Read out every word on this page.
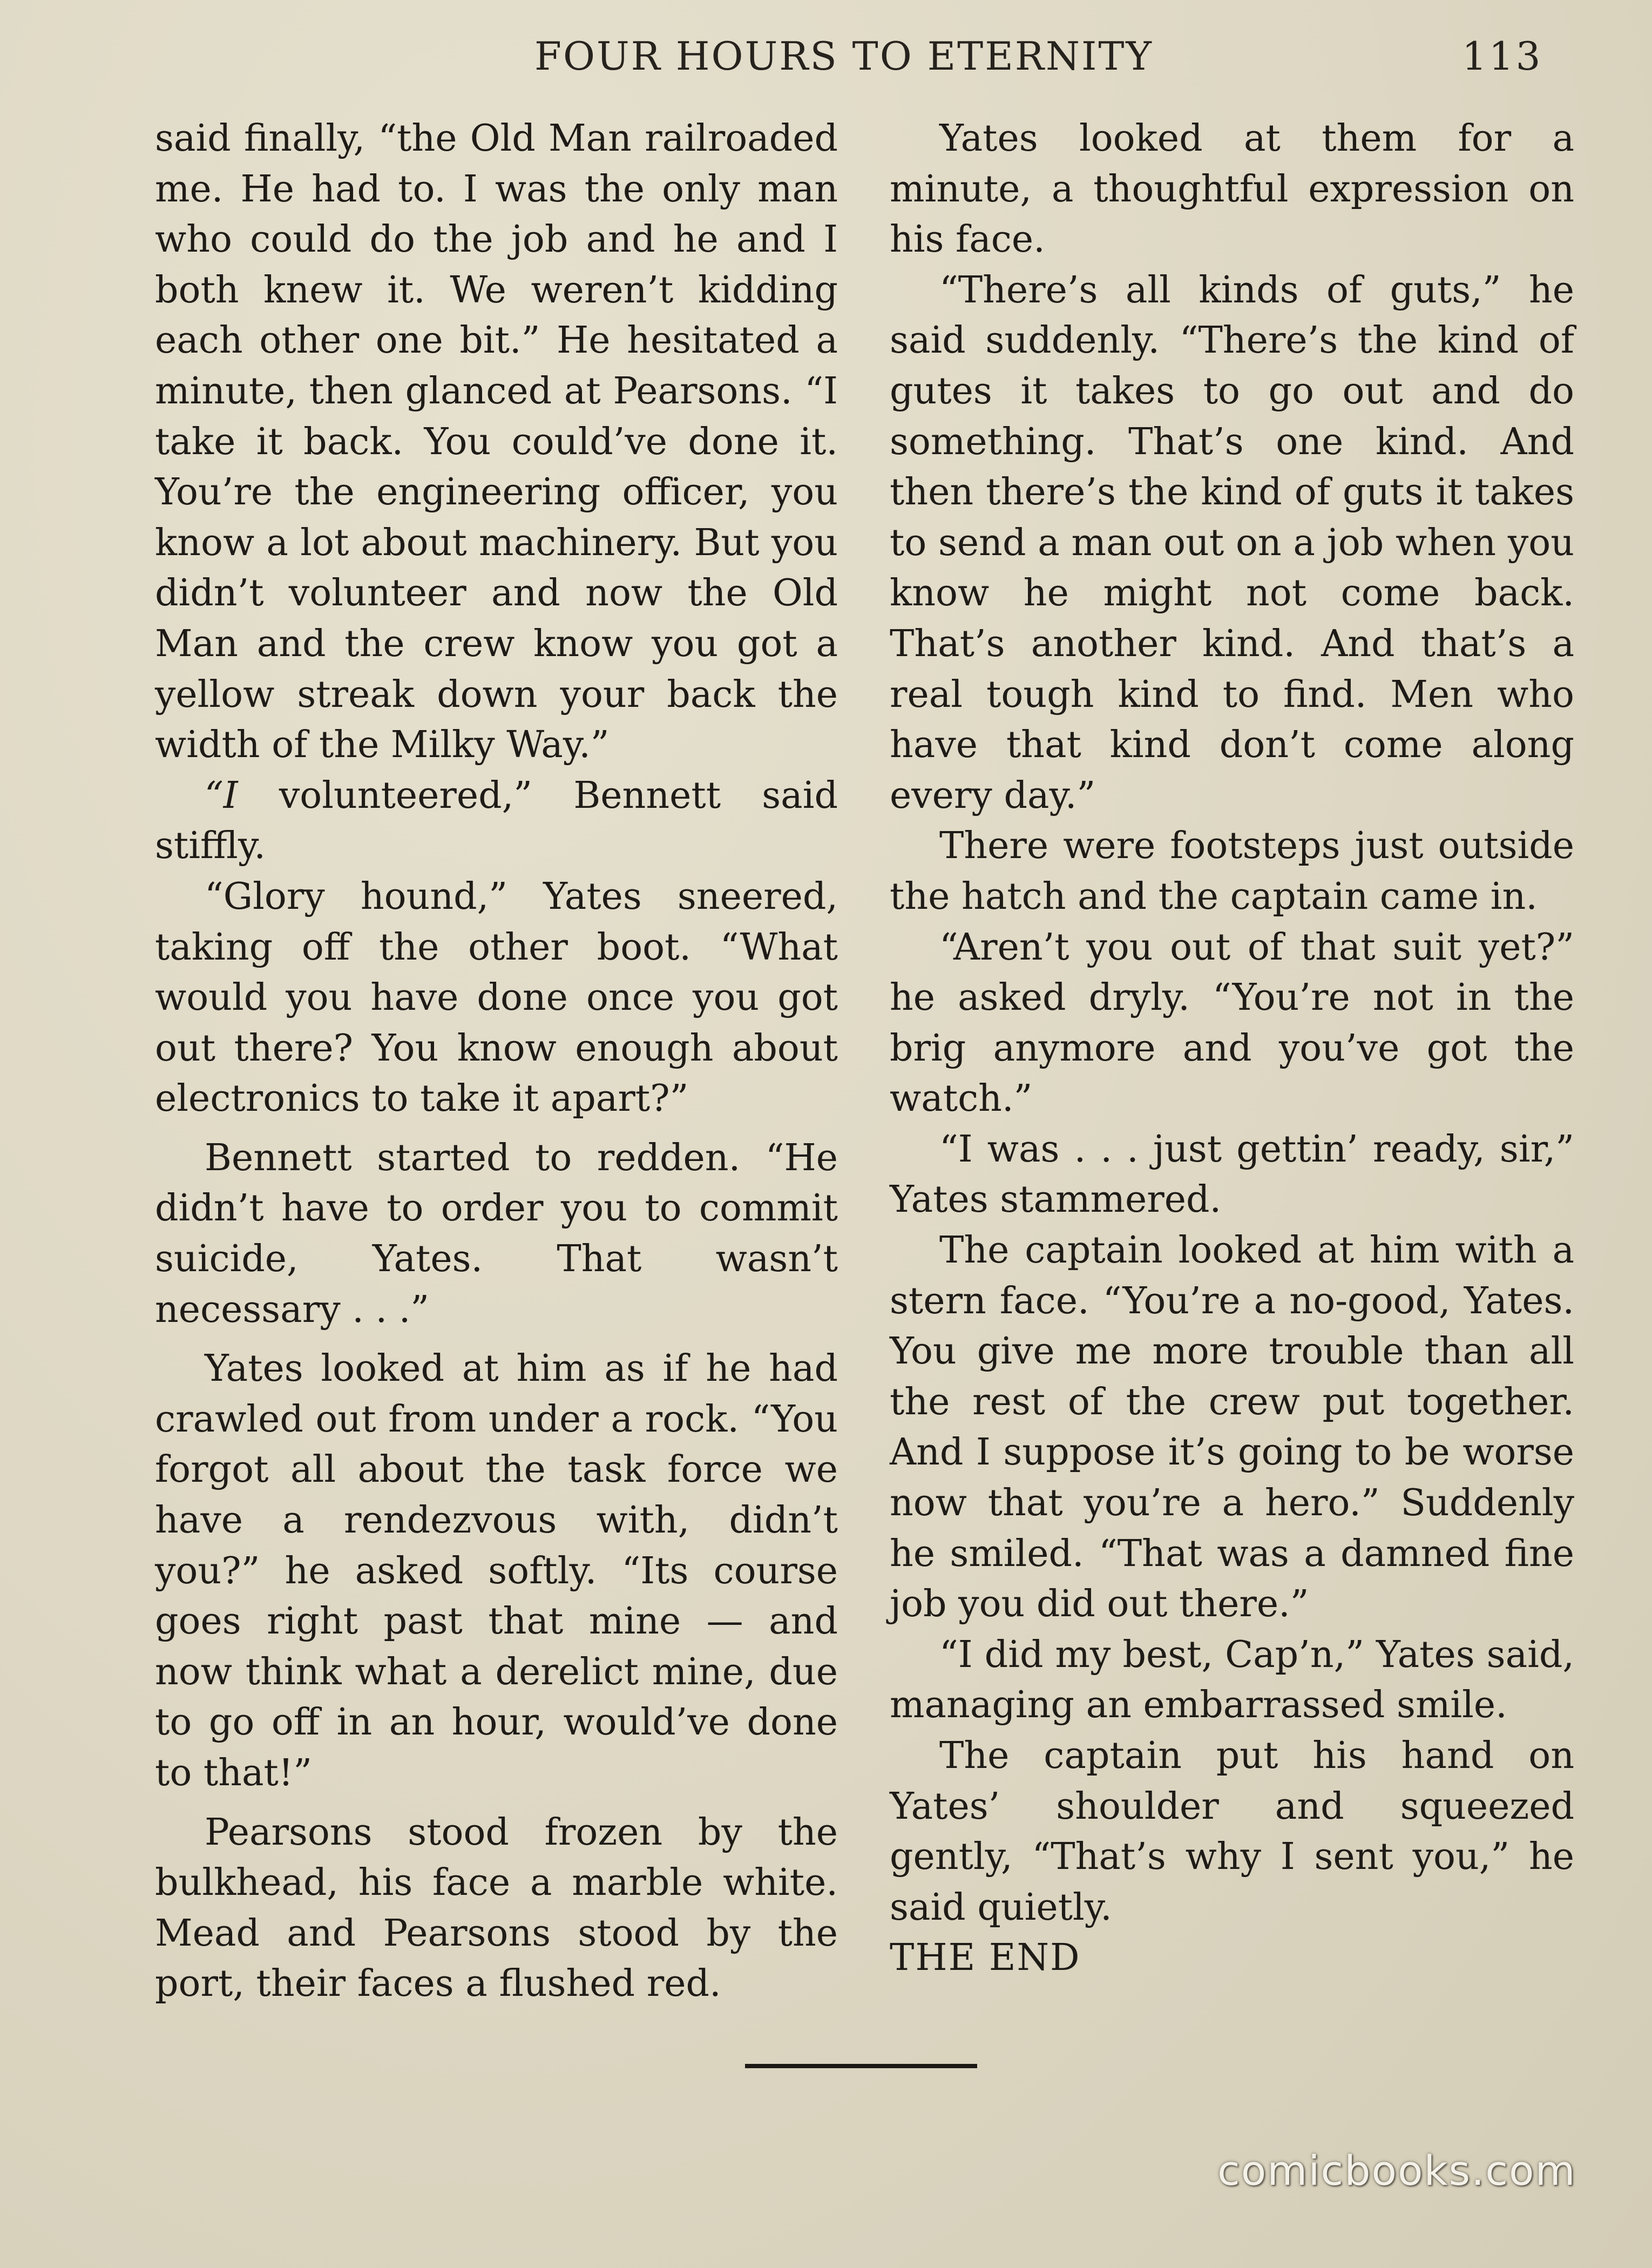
FOUR HOURS TO ETERNITY	113

said finally, “the Old Man railroaded me. He had to. I was the only man who could do the job and he and I both knew it. We weren’t kidding each other one bit.” He hesitated a minute, then glanced at Pearsons. “I take it back. You could’ve done it. You’re the engineering officer, you know a lot about machinery. But you didn’t volunteer and now the Old Man and the crew know you got a yellow streak down your back the width of the Milky Way.”

“I volunteered,” Bennett said stiffly.

“Glory hound,” Yates sneered, taking off the other boot. “What would you have done once you got out there? You know enough about electronics to take it apart?”

Bennett started to redden. “He didn’t have to order you to commit suicide, Yates. That wasn’t necessary . . .”

Yates looked at him as if he had crawled out from under a rock. “You forgot all about the task force we have a rendezvous with, didn’t you?” he asked softly. “Its course goes right past that mine — and now think what a derelict mine, due to go off in an hour, would’ve done to that!”

Pearsons stood frozen by the bulkhead, his face a marble white. Mead and Pearsons stood by the port, their faces a flushed red.

Yates looked at them for a minute, a thoughtful expression on his face.

“There’s all kinds of guts,” he said suddenly. “There’s the kind of gutes it takes to go out and do something. That’s one kind. And then there’s the kind of guts it takes to send a man out on a job when you know he might not come back. That’s another kind. And that’s a real tough kind to find. Men who have that kind don’t come along every day.”

There were footsteps just outside the hatch and the captain came in.

“Aren’t you out of that suit yet?” he asked dryly. “You’re not in the brig anymore and you’ve got the watch.”

“I was . . . just gettin’ ready, sir,” Yates stammered.

The captain looked at him with a stern face. “You’re a no-good, Yates. You give me more trouble than all the rest of the crew put together. And I suppose it’s going to be worse now that you’re a hero.” Suddenly he smiled. “That was a damned fine job you did out there.”

“I did my best, Cap’n,” Yates said, managing an embarrassed smile.

The captain put his hand on Yates’ shoulder and squeezed gently, “That’s why I sent you,” he said quietly.

THE END

comicbooks.com
